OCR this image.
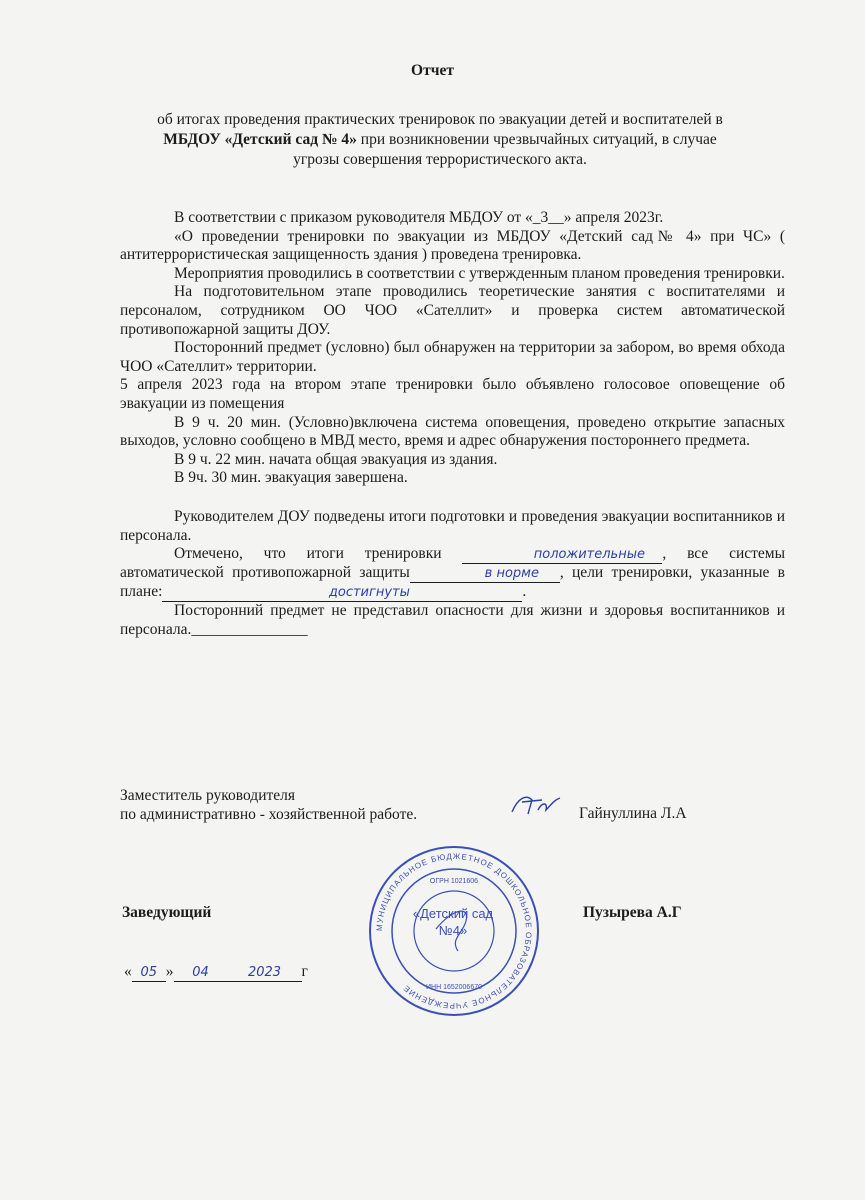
Отчет
об итогах проведения практических тренировок по эвакуации детей и воспитателей в
МБДОУ «Детский сад № 4» при возникновении чрезвычайных ситуаций, в случае
угрозы совершения террористического акта.

В соответствии с приказом руководителя МБДОУ от «_3__» апреля 2023г.

«О проведении тренировки по эвакуации из МБДОУ «Детский сад№ 4» при ЧС» ( антитеррористическая защищенность здания ) проведена тренировка.

Мероприятия проводились в соответствии с утвержденным планом проведения тренировки.

На подготовительном этапе проводились теоретические занятия с воспитателями и персоналом, сотрудником ОО ЧОО «Сателлит» и проверка систем автоматической противопожарной защиты ДОУ.

Посторонний предмет (условно) был обнаружен на территории за забором, во время обхода ЧОО «Сателлит» территории.

5 апреля 2023 года на втором этапе тренировки было объявлено голосовое оповещение об эвакуации из помещения

В 9 ч. 20 мин. (Условно)включена система оповещения, проведено открытие запасных выходов, условно сообщено в МВД место, время и адрес обнаружения постороннего предмета.

В 9 ч. 22 мин. начата общая эвакуация из здания.

В 9ч. 30 мин. эвакуация завершена.

Руководителем ДОУ подведены итоги подготовки и проведения эвакуации воспитанников и персонала.

Отмечено, что итоги тренировки	положительные , все системы автоматической противопожарной защиты	в норме , цели тренировки, указанные в плане:	достигнуты	.

Посторонний предмет не представил опасности для жизни и здоровья воспитанников и персонала._______________

Заместитель руководителя
по административно - хозяйственной работе.	Гайнуллина Л.А
МУНИЦИПАЛЬНОЕ БЮДЖЕТНОЕ ДОШКОЛЬНОЕ ОБРАЗОВАТЕЛЬНОЕ УЧРЕЖДЕНИЕ
ОГРН 1021606
ИНН 1652006670
«Детский сад
№4»
Заведующий	Пузырева А.Г
« 05 » 04	2023 г
